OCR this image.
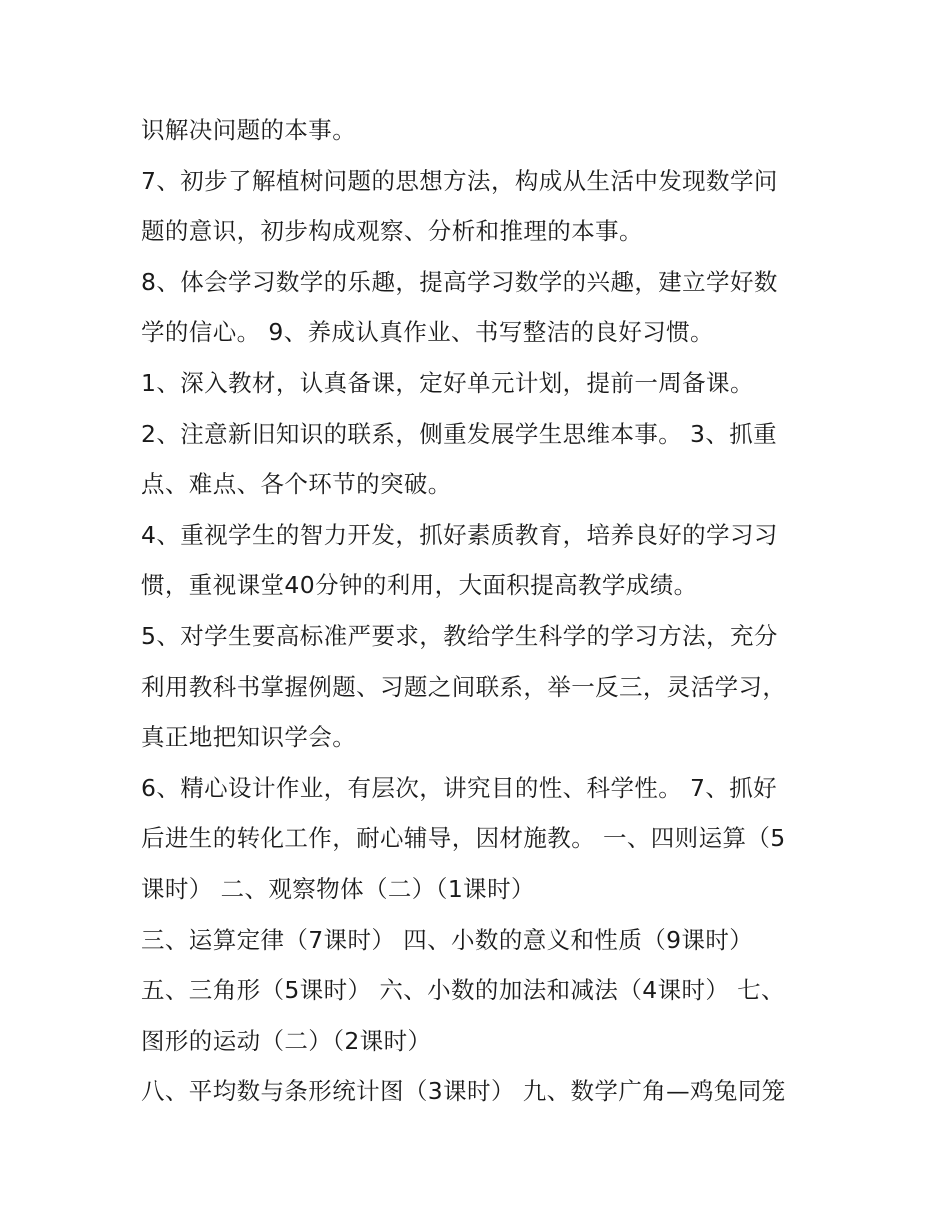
识解决问题的本事。
7、初步了解植树问题的思想方法，构成从生活中发现数学问
题的意识，初步构成观察、分析和推理的本事。
8、体会学习数学的乐趣，提高学习数学的兴趣，建立学好数
学的信心。 9、养成认真作业、书写整洁的良好习惯。
1、深入教材，认真备课，定好单元计划，提前一周备课。
2、注意新旧知识的联系，侧重发展学生思维本事。 3、抓重
点、难点、各个环节的突破。
4、重视学生的智力开发，抓好素质教育，培养良好的学习习
惯，重视课堂40分钟的利用，大面积提高教学成绩。
5、对学生要高标准严要求，教给学生科学的学习方法，充分
利用教科书掌握例题、习题之间联系，举一反三，灵活学习，
真正地把知识学会。
6、精心设计作业，有层次，讲究目的性、科学性。 7、抓好
后进生的转化工作，耐心辅导，因材施教。 一、四则运算（5
课时） 二、观察物体（二）（1课时）
三、运算定律（7课时） 四、小数的意义和性质（9课时）
五、三角形（5课时） 六、小数的加法和减法（4课时） 七、
图形的运动（二）（2课时）
八、平均数与条形统计图（3课时） 九、数学广角—鸡兔同笼
